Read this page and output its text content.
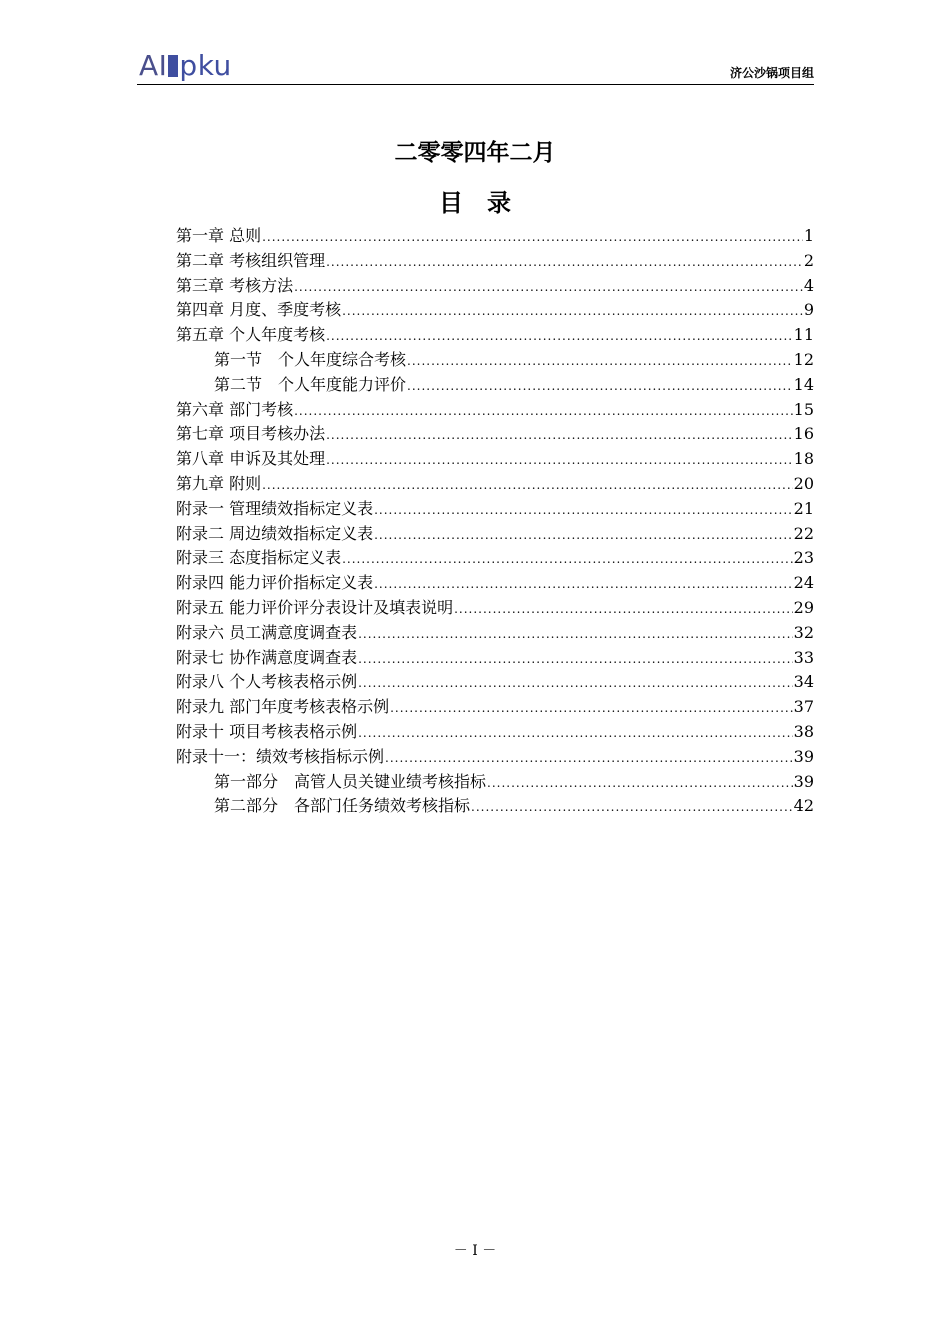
AI pku	济公沙锅项目组
二零零四年二月
目录
第一章 总则 .....	1
第二章 考核组织管理 .....	2
第三章 考核方法 .....	4
第四章 月度、季度考核 .....	9
第五章 个人年度考核 .....	11
第一节　个人年度综合考核 .....	12
第二节　个人年度能力评价 .....	14
第六章 部门考核 .....	15
第七章 项目考核办法 .....	16
第八章 申诉及其处理 .....	18
第九章 附则 .....	20
附录一 管理绩效指标定义表 .....	21
附录二 周边绩效指标定义表 .....	22
附录三 态度指标定义表 .....	23
附录四 能力评价指标定义表 .....	24
附录五 能力评价评分表设计及填表说明 .....	29
附录六 员工满意度调查表 .....	32
附录七 协作满意度调查表 .....	33
附录八 个人考核表格示例 .....	34
附录九 部门年度考核表格示例 .....	37
附录十 项目考核表格示例 .....	38
附录十一：绩效考核指标示例 .....	39
第一部分　高管人员关键业绩考核指标 .....	39
第二部分　各部门任务绩效考核指标 .....	42
－ I －
